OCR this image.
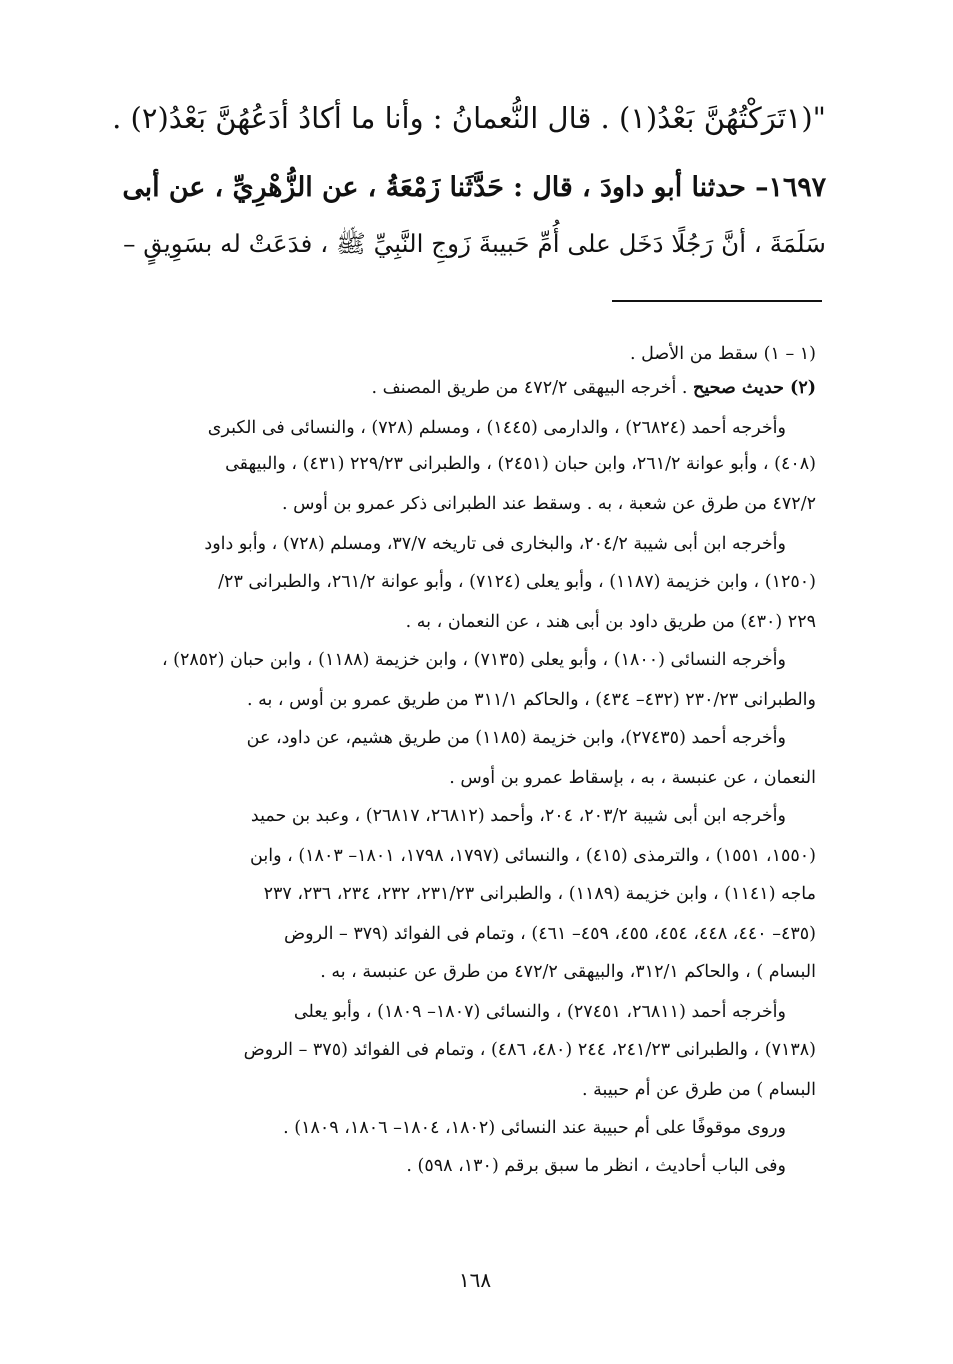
"(١تَرَكْتُهُنَّ بَعْدُ(١) . قال النُّعمانُ : وأنا ما أكادُ أدَعُهُنَّ بَعْدُ(٢) .
١٦٩٧– حدثنا أبو داودَ ، قال : حَدَّثَنا زَمْعَةُ ، عن الزُّهْرِيِّ ، عن أبى
سَلَمَةَ ، أنَّ رَجُلًا دَخَل على أُمِّ حَبيبةَ زَوجِ النَّبِيِّ ﷺ ، فدَعَتْ له بسَوِيقٍ –
(١ – ١) سقط من الأصل .
(٢) حديث صحيح . أخرجه البيهقى ٤٧٢/٢ من طريق المصنف .
وأخرجه أحمد (٢٦٨٢٤) ، والدارمى (١٤٤٥) ، ومسلم (٧٢٨) ، والنسائى فى الكبرى
(٤٠٨) ، وأبو عوانة ٢٦١/٢، وابن حبان (٢٤٥١) ، والطبرانى ٢٢٩/٢٣ (٤٣١) ، والبيهقى
٤٧٢/٢ من طرق عن شعبة ، به . وسقط عند الطبرانى ذكر عمرو بن أوس .
وأخرجه ابن أبى شيبة ٢٠٤/٢، والبخارى فى تاريخه ٣٧/٧، ومسلم (٧٢٨) ، وأبو داود
(١٢٥٠) ، وابن خزيمة (١١٨٧) ، وأبو يعلى (٧١٢٤) ، وأبو عوانة ٢٦١/٢، والطبرانى ٢٣/
٢٢٩ (٤٣٠) من طريق داود بن أبى هند ، عن النعمان ، به .
وأخرجه النسائى (١٨٠٠) ، وأبو يعلى (٧١٣٥) ، وابن خزيمة (١١٨٨) ، وابن حبان (٢٨٥٢) ،
والطبرانى ٢٣٠/٢٣ (٤٣٢– ٤٣٤) ، والحاكم ٣١١/١ من طريق عمرو بن أوس ، به .
وأخرجه أحمد (٢٧٤٣٥)، وابن خزيمة (١١٨٥) من طريق هشيم، عن داود، عن
النعمان ، عن عنبسة ، به ، بإسقاط عمرو بن أوس .
وأخرجه ابن أبى شيبة ٢٠٣/٢، ٢٠٤، وأحمد (٢٦٨١٢، ٢٦٨١٧) ، وعبد بن حميد
(١٥٥٠، ١٥٥١) ، والترمذى (٤١٥) ، والنسائى (١٧٩٧، ١٧٩٨، ١٨٠١– ١٨٠٣) ، وابن
ماجه (١١٤١) ، وابن خزيمة (١١٨٩) ، والطبرانى ٢٣١/٢٣، ٢٣٢، ٢٣٤، ٢٣٦، ٢٣٧
(٤٣٥– ٤٤٠، ٤٤٨، ٤٥٤، ٤٥٥، ٤٥٩– ٤٦١) ، وتمام فى الفوائد (٣٧٩ – الروض
البسام ) ، والحاكم ٣١٢/١، والبيهقى ٤٧٢/٢ من طرق عن عنبسة ، به .
وأخرجه أحمد (٢٦٨١١، ٢٧٤٥١) ، والنسائى (١٨٠٧– ١٨٠٩) ، وأبو يعلى
(٧١٣٨) ، والطبرانى ٢٤١/٢٣، ٢٤٤ (٤٨٠، ٤٨٦) ، وتمام فى الفوائد (٣٧٥ – الروض
البسام ) من طرق عن أم حبيبة .
وروى موقوفًا على أم حبيبة عند النسائى (١٨٠٢، ١٨٠٤– ١٨٠٦، ١٨٠٩) .
وفى الباب أحاديث ، انظر ما سبق برقم (١٣٠، ٥٩٨) .
١٦٨
